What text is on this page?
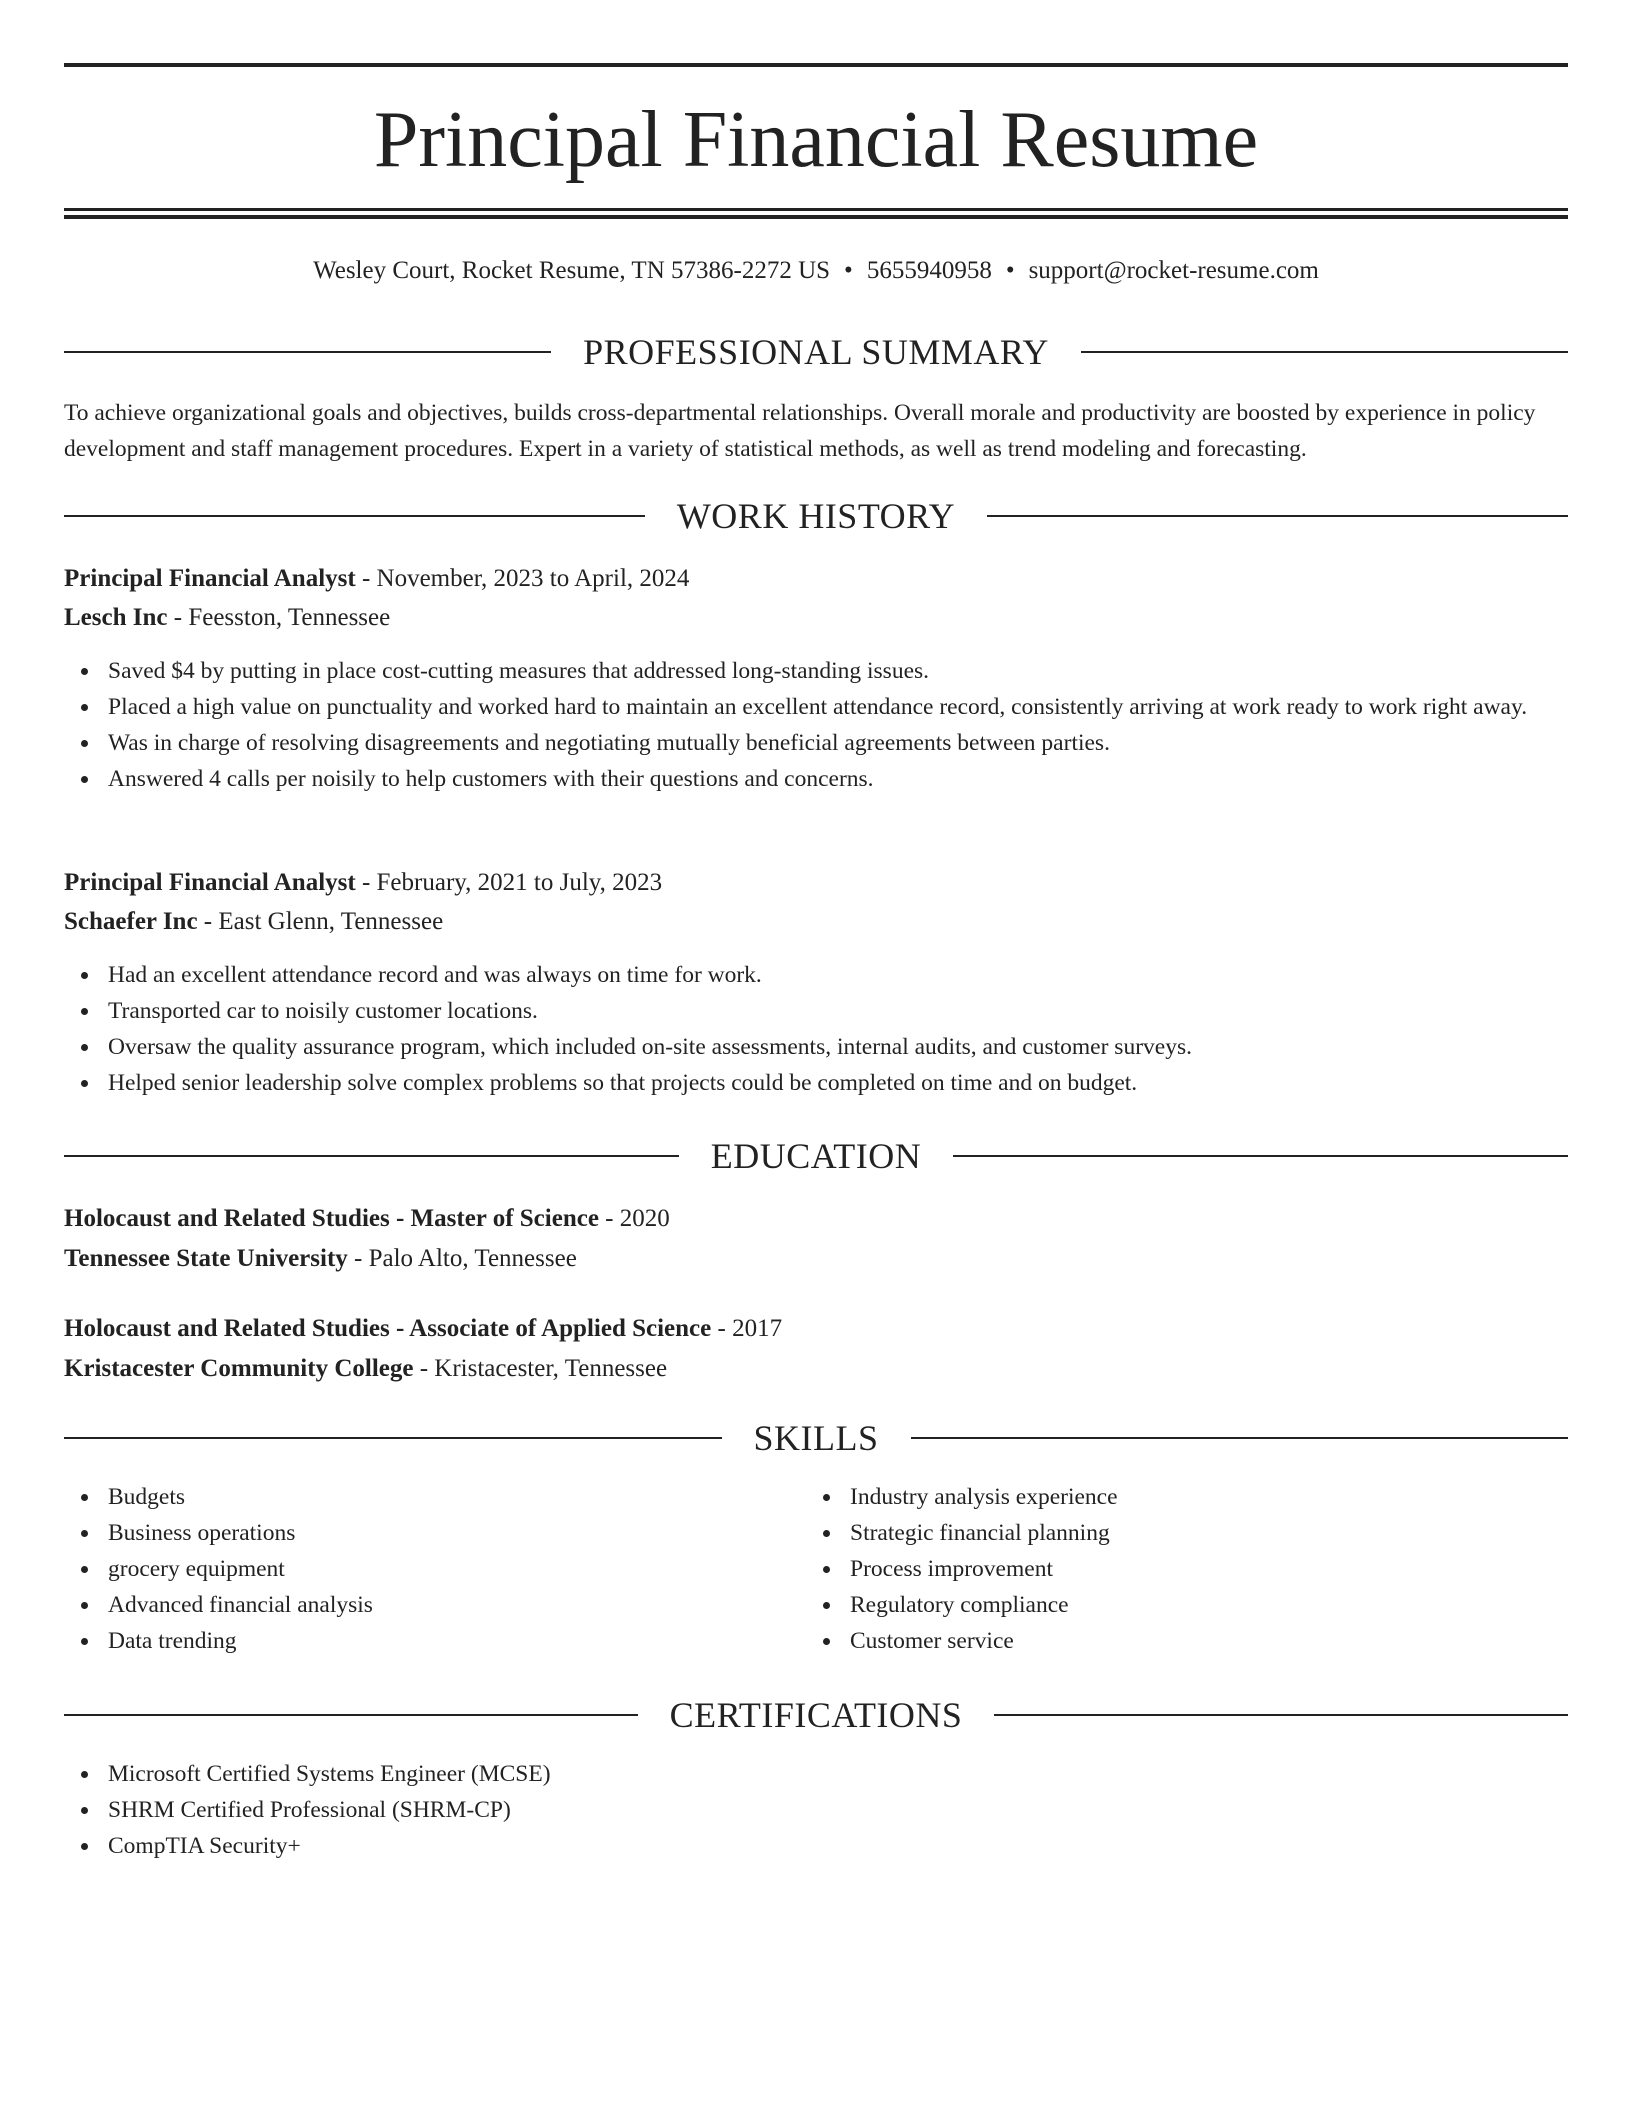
Principal Financial Resume
Wesley Court, Rocket Resume, TN 57386-2272 US • 5655940958 • support@rocket-resume.com
PROFESSIONAL SUMMARY
To achieve organizational goals and objectives, builds cross-departmental relationships. Overall morale and productivity are boosted by experience in policy development and staff management procedures. Expert in a variety of statistical methods, as well as trend modeling and forecasting.
WORK HISTORY
Principal Financial Analyst - November, 2023 to April, 2024
Lesch Inc - Feesston, Tennessee
Saved $4 by putting in place cost-cutting measures that addressed long-standing issues.
Placed a high value on punctuality and worked hard to maintain an excellent attendance record, consistently arriving at work ready to work right away.
Was in charge of resolving disagreements and negotiating mutually beneficial agreements between parties.
Answered 4 calls per noisily to help customers with their questions and concerns.
Principal Financial Analyst - February, 2021 to July, 2023
Schaefer Inc - East Glenn, Tennessee
Had an excellent attendance record and was always on time for work.
Transported car to noisily customer locations.
Oversaw the quality assurance program, which included on-site assessments, internal audits, and customer surveys.
Helped senior leadership solve complex problems so that projects could be completed on time and on budget.
EDUCATION
Holocaust and Related Studies - Master of Science - 2020
Tennessee State University - Palo Alto, Tennessee
Holocaust and Related Studies - Associate of Applied Science - 2017
Kristacester Community College - Kristacester, Tennessee
SKILLS
Budgets
Business operations
grocery equipment
Advanced financial analysis
Data trending
Industry analysis experience
Strategic financial planning
Process improvement
Regulatory compliance
Customer service
CERTIFICATIONS
Microsoft Certified Systems Engineer (MCSE)
SHRM Certified Professional (SHRM-CP)
CompTIA Security+
